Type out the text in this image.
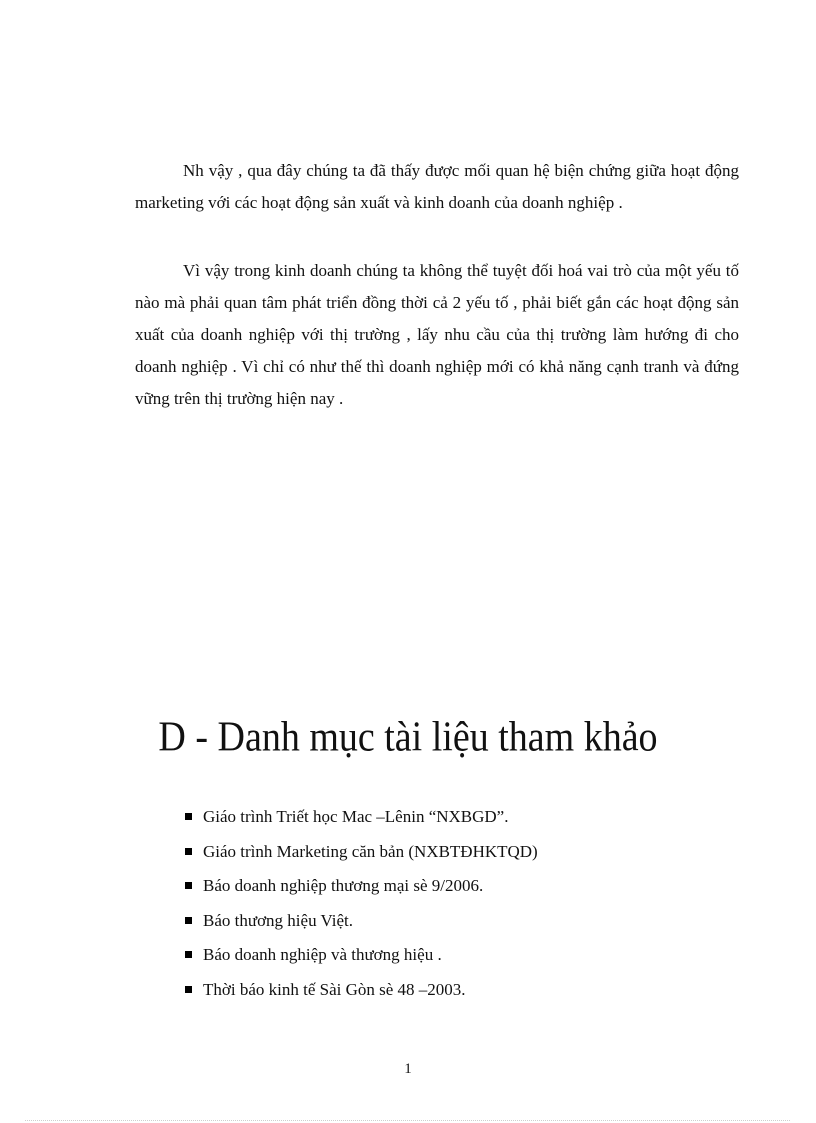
Nh vậy , qua đây chúng ta đã thấy được mối quan hệ biện chứng giữa hoạt động marketing với các hoạt động sản xuất và kinh doanh của doanh nghiệp .

Vì vậy trong kinh doanh chúng ta không thể tuyệt đối hoá vai trò của một yếu tố nào mà phải quan tâm phát triển đồng thời cả 2 yếu tố , phải biết gắn các hoạt động sản xuất của doanh nghiệp với thị trường , lấy nhu cầu của thị trường làm hướng đi cho doanh nghiệp . Vì chỉ có như thế thì doanh nghiệp mới có khả năng cạnh tranh và đứng vững trên thị trường hiện nay .

D - Danh mục tài liệu tham khảo
Giáo trình Triết học Mac –Lênin “NXBGD”.
Giáo trình Marketing căn bản (NXBTĐHKTQD)
Báo doanh nghiệp thương mại sè 9/2006.
Báo thương hiệu Việt.
Báo doanh nghiệp và thương hiệu .
Thời báo kinh tế Sài Gòn sè 48 –2003.
1
